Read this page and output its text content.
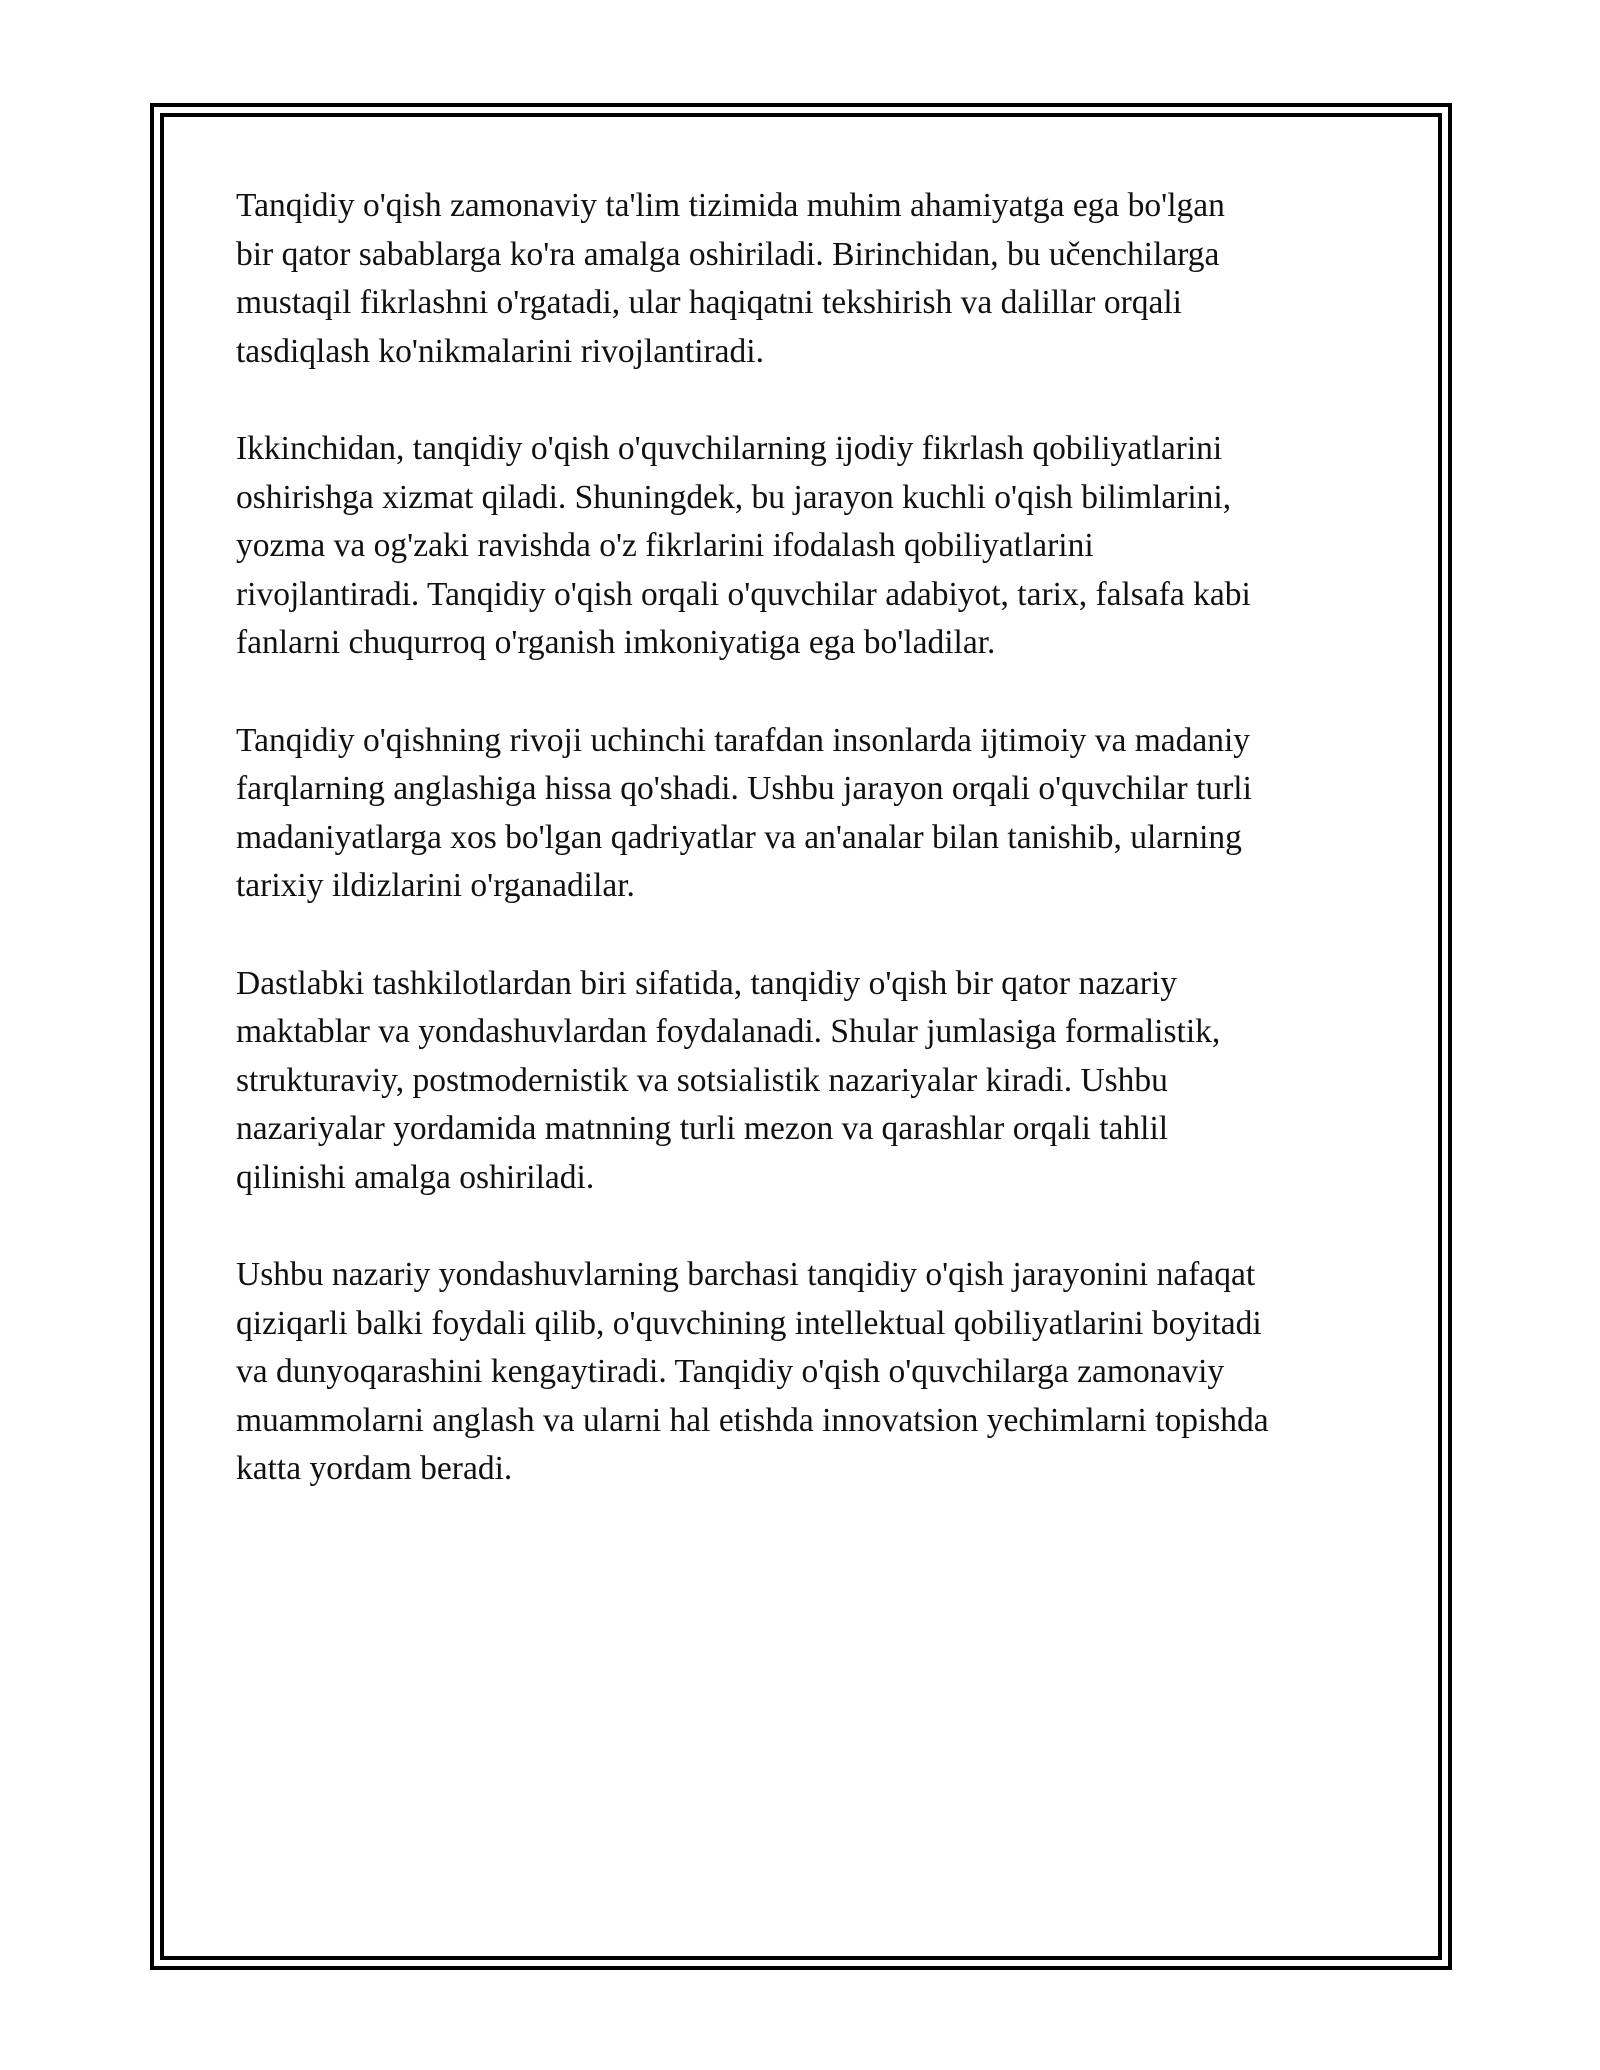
Tanqidiy o'qish zamonaviy ta'lim tizimida muhim ahamiyatga ega bo'lgan
bir qator sabablarga ko'ra amalga oshiriladi. Birinchidan, bu učenchilarga
mustaqil fikrlashni o'rgatadi, ular haqiqatni tekshirish va dalillar orqali
tasdiqlash ko'nikmalarini rivojlantiradi.

Ikkinchidan, tanqidiy o'qish o'quvchilarning ijodiy fikrlash qobiliyatlarini
oshirishga xizmat qiladi. Shuningdek, bu jarayon kuchli o'qish bilimlarini,
yozma va og'zaki ravishda o'z fikrlarini ifodalash qobiliyatlarini
rivojlantiradi. Tanqidiy o'qish orqali o'quvchilar adabiyot, tarix, falsafa kabi
fanlarni chuqurroq o'rganish imkoniyatiga ega bo'ladilar.

Tanqidiy o'qishning rivoji uchinchi tarafdan insonlarda ijtimoiy va madaniy
farqlarning anglashiga hissa qo'shadi. Ushbu jarayon orqali o'quvchilar turli
madaniyatlarga xos bo'lgan qadriyatlar va an'analar bilan tanishib, ularning
tarixiy ildizlarini o'rganadilar.

Dastlabki tashkilotlardan biri sifatida, tanqidiy o'qish bir qator nazariy
maktablar va yondashuvlardan foydalanadi. Shular jumlasiga formalistik,
strukturaviy, postmodernistik va sotsialistik nazariyalar kiradi. Ushbu
nazariyalar yordamida matnning turli mezon va qarashlar orqali tahlil
qilinishi amalga oshiriladi.

Ushbu nazariy yondashuvlarning barchasi tanqidiy o'qish jarayonini nafaqat
qiziqarli balki foydali qilib, o'quvchining intellektual qobiliyatlarini boyitadi
va dunyoqarashini kengaytiradi. Tanqidiy o'qish o'quvchilarga zamonaviy
muammolarni anglash va ularni hal etishda innovatsion yechimlarni topishda
katta yordam beradi.
